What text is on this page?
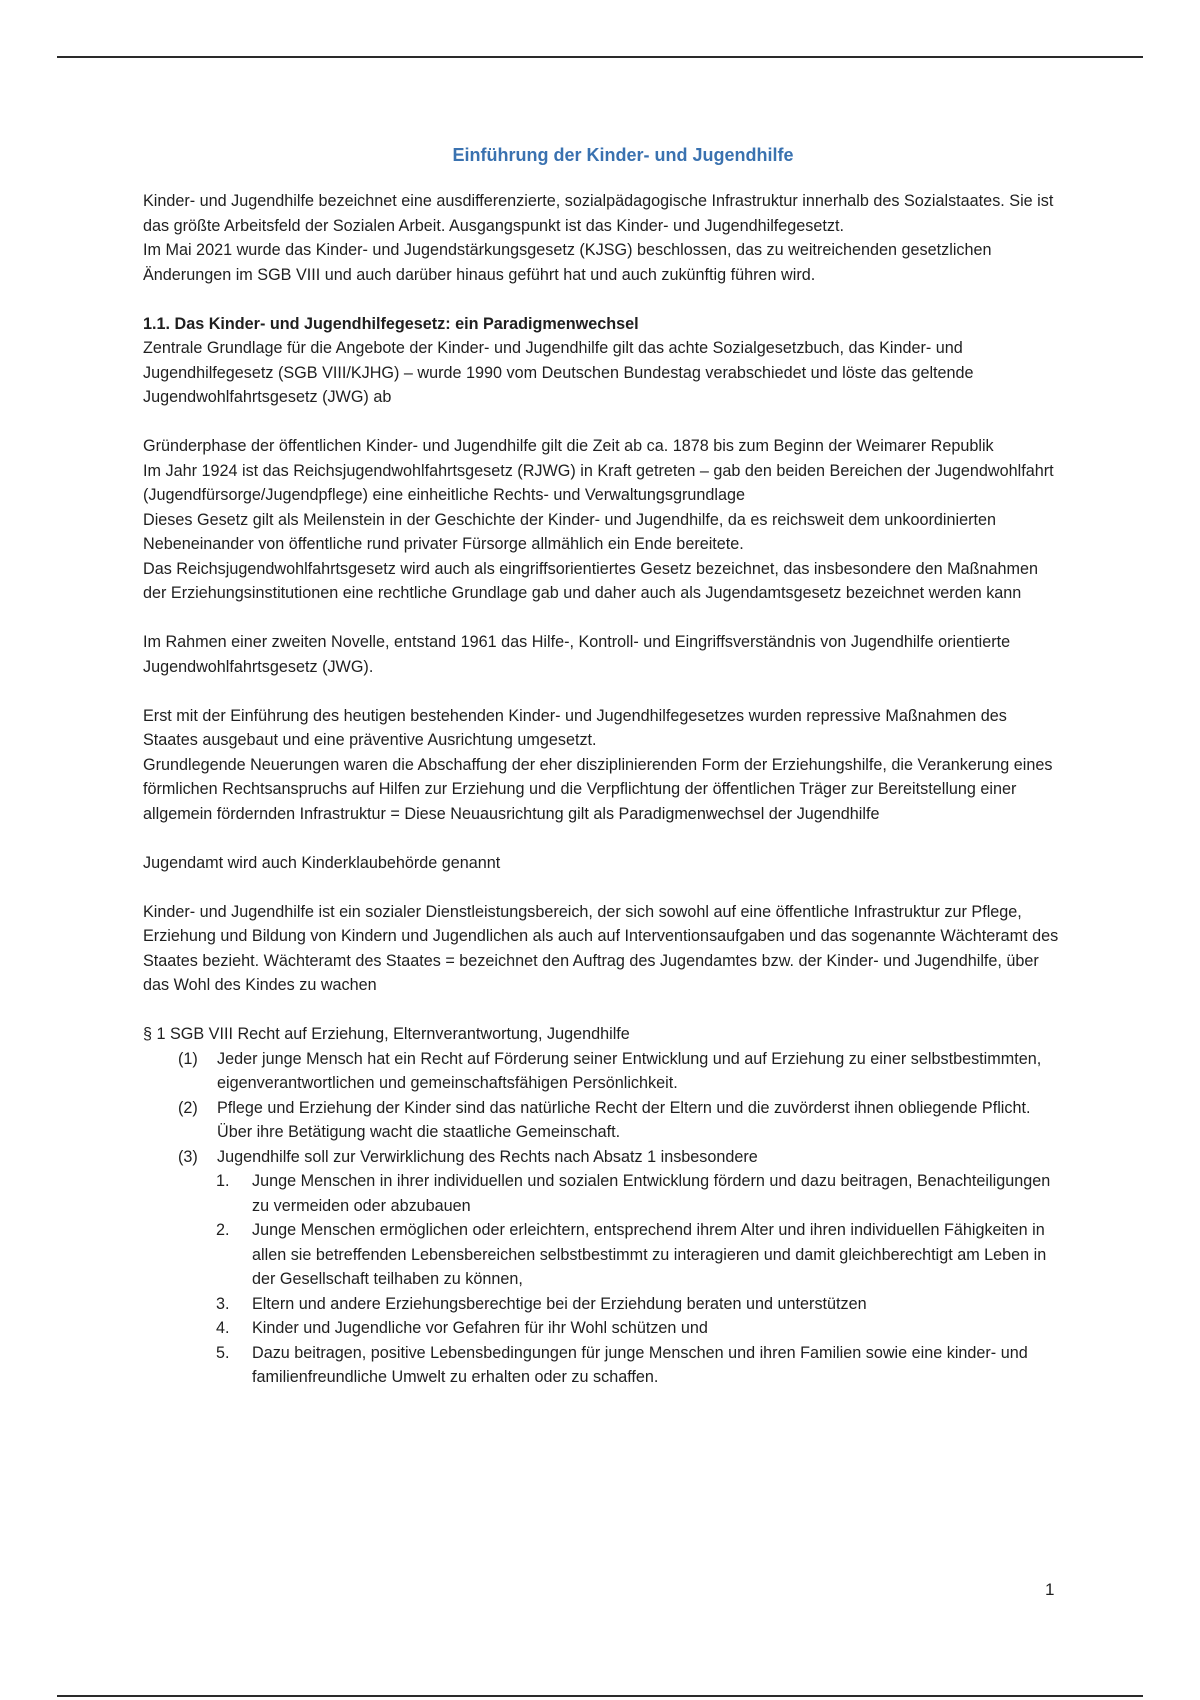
Einführung der Kinder- und Jugendhilfe

Kinder- und Jugendhilfe bezeichnet eine ausdifferenzierte, sozialpädagogische Infrastruktur innerhalb des Sozialstaates. Sie ist das größte Arbeitsfeld der Sozialen Arbeit. Ausgangspunkt ist das Kinder- und Jugendhilfegesetzt.

Im Mai 2021 wurde das Kinder- und Jugendstärkungsgesetz (KJSG) beschlossen, das zu weitreichenden gesetzlichen Änderungen im SGB VIII und auch darüber hinaus geführt hat und auch zukünftig führen wird.

1.1. Das Kinder- und Jugendhilfegesetz: ein Paradigmenwechsel

Zentrale Grundlage für die Angebote der Kinder- und Jugendhilfe gilt das achte Sozialgesetzbuch, das Kinder- und Jugendhilfegesetz (SGB VIII/KJHG) – wurde 1990 vom Deutschen Bundestag verabschiedet und löste das geltende Jugendwohlfahrtsgesetz (JWG) ab

Gründerphase der öffentlichen Kinder- und Jugendhilfe gilt die Zeit ab ca. 1878 bis zum Beginn der Weimarer Republik

Im Jahr 1924 ist das Reichsjugendwohlfahrtsgesetz (RJWG) in Kraft getreten – gab den beiden Bereichen der Jugendwohlfahrt (Jugendfürsorge/Jugendpflege) eine einheitliche Rechts- und Verwaltungsgrundlage

Dieses Gesetz gilt als Meilenstein in der Geschichte der Kinder- und Jugendhilfe, da es reichsweit dem unkoordinierten Nebeneinander von öffentliche rund privater Fürsorge allmählich ein Ende bereitete.

Das Reichsjugendwohlfahrtsgesetz wird auch als eingriffsorientiertes Gesetz bezeichnet, das insbesondere den Maßnahmen der Erziehungsinstitutionen eine rechtliche Grundlage gab und daher auch als Jugendamtsgesetz bezeichnet werden kann

Im Rahmen einer zweiten Novelle, entstand 1961 das Hilfe-, Kontroll- und Eingriffsverständnis von Jugendhilfe orientierte Jugendwohlfahrtsgesetz (JWG).

Erst mit der Einführung des heutigen bestehenden Kinder- und Jugendhilfegesetzes wurden repressive Maßnahmen des Staates ausgebaut und eine präventive Ausrichtung umgesetzt.

Grundlegende Neuerungen waren die Abschaffung der eher disziplinierenden Form der Erziehungshilfe, die Verankerung eines förmlichen Rechtsanspruchs auf Hilfen zur Erziehung und die Verpflichtung der öffentlichen Träger zur Bereitstellung einer allgemein fördernden Infrastruktur = Diese Neuausrichtung gilt als Paradigmenwechsel der Jugendhilfe

Jugendamt wird auch Kinderklaubehörde genannt

Kinder- und Jugendhilfe ist ein sozialer Dienstleistungsbereich, der sich sowohl auf eine öffentliche Infrastruktur zur Pflege, Erziehung und Bildung von Kindern und Jugendlichen als auch auf Interventionsaufgaben und das sogenannte Wächteramt des Staates bezieht. Wächteramt des Staates = bezeichnet den Auftrag des Jugendamtes bzw. der Kinder- und Jugendhilfe, über das Wohl des Kindes zu wachen

§ 1 SGB VIII Recht auf Erziehung, Elternverantwortung, Jugendhilfe

(1) Jeder junge Mensch hat ein Recht auf Förderung seiner Entwicklung und auf Erziehung zu einer selbstbestimmten, eigenverantwortlichen und gemeinschaftsfähigen Persönlichkeit.
(2) Pflege und Erziehung der Kinder sind das natürliche Recht der Eltern und die zuvörderst ihnen obliegende Pflicht. Über ihre Betätigung wacht die staatliche Gemeinschaft.
(3) Jugendhilfe soll zur Verwirklichung des Rechts nach Absatz 1 insbesondere
1. Junge Menschen in ihrer individuellen und sozialen Entwicklung fördern und dazu beitragen, Benachteiligungen zu vermeiden oder abzubauen
2. Junge Menschen ermöglichen oder erleichtern, entsprechend ihrem Alter und ihren individuellen Fähigkeiten in allen sie betreffenden Lebensbereichen selbstbestimmt zu interagieren und damit gleichberechtigt am Leben in der Gesellschaft teilhaben zu können,
3. Eltern und andere Erziehungsberechtige bei der Erziehdung beraten und unterstützen
4. Kinder und Jugendliche vor Gefahren für ihr Wohl schützen und
5. Dazu beitragen, positive Lebensbedingungen für junge Menschen und ihren Familien sowie eine kinder- und familienfreundliche Umwelt zu erhalten oder zu schaffen.
1
